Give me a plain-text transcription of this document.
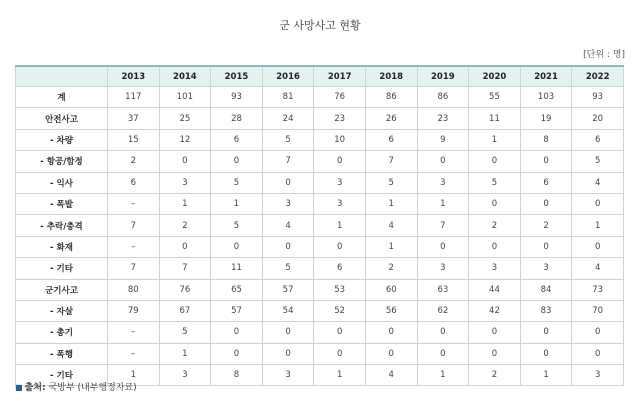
군 사망사고 현황
[단위 : 명]
	2013	2014	2015	2016	2017	2018	2019	2020	2021	2022
계	117	101	93	81	76	86	86	55	103	93
안전사고	37	25	28	24	23	26	23	11	19	20
- 차량	15	12	6	5	10	6	9	1	8	6
- 항공/함정	2	0	0	7	0	7	0	0	0	5
- 익사	6	3	5	0	3	5	3	5	6	4
- 폭발	–	1	1	3	3	1	1	0	0	0
- 추락/충격	7	2	5	4	1	4	7	2	2	1
- 화재	–	0	0	0	0	1	0	0	0	0
- 기타	7	7	11	5	6	2	3	3	3	4
군기사고	80	76	65	57	53	60	63	44	84	73
- 자살	79	67	57	54	52	56	62	42	83	70
- 총기	–	5	0	0	0	0	0	0	0	0
- 폭행	–	1	0	0	0	0	0	0	0	0
- 기타	1	3	8	3	1	4	1	2	1	3
■ 출처: 국방부 (내부행정자료)
